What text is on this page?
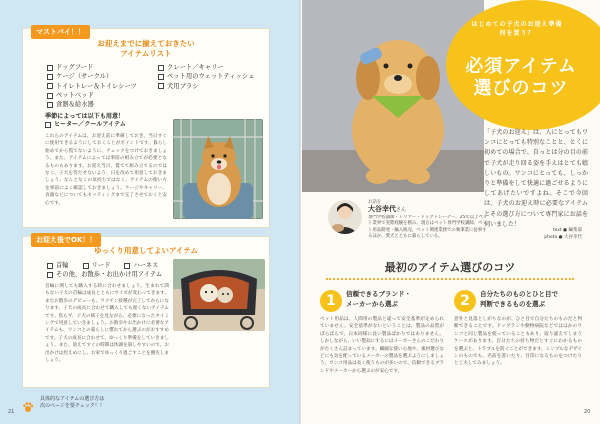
マストバイ！！
お迎えまでに揃えておきたい
アイテムリスト
ドッグフード
ケージ（サークル）
トイレトレー＆トイレシーツ
ペットベッド
食器＆給水器
クレート／キャリー
ペット用のウェットティッシュ
犬用ブラシ
季節によっては以下も用意！
ヒーター／クールアイテム
これらのアイテムは、お迎え前に準備しておき、当日すぐに使用できるようにしておくことがポイントです。暮らし始めてから慌てないように、チェックをつけておきましょう。また、アイテムによっては事前の組み立てが必要となるものもあります。お迎え当日、慌てて組み立てるのではなく、子犬を待たせないよう、日を改めて用意しておきましょう。なんとなくの気持ちではなく、アイテムの使い方を事前によく確認しておきましょう。ケージやキャリー、食器などについてもセッティングまで完了させておくと安心です。
お迎え後でOK！！
ゆっくり用意してよいアイテム
首輪	リード	ハーネス
その他、お散歩・お出かけ用アイテム
首輪に関しても購入する時に合わせましょう。生まれて間もない子犬の首輪は成長とともにサイズが変わってきます。またお散歩のデビューも、ワクチン接種が完了してからになります。子犬の成長に合わせて購入しても遅くないアイテムです。焦らず、子犬の様子を見ながら、必要になったタイミングで用意していきましょう。お散歩やお出かけに必要なアイテムも、ワンコとの暮らしに慣れてから選ぶのがおすすめです。子犬の成長に合わせて、ゆっくり準備をしていきましょう。また、迎えてすぐの時期は体調を崩しやすいので、お出かけは控えめにし、お家でゆっくり過ごすことを優先しましょう。
具体的なアイテムの選び方は
次のページを要チェック！！
21
はじめての子犬のお迎え準備
何を買う？
必須アイテム
選びのコツ
「子犬のお迎え」は、人にとってもワンコにとっても特別なことと、とくに初めての場合で、自っとは分の目の前で子犬が走り回る姿を手えはとても嬉しいもの。ワンコにとっても、しっかりと準備をして快適に過ごせるようにしてあげたいですよね。そこで今回は、子犬のお迎え時に必要なアイテムとその選び方について専門家にお話を伺いました！
text ● 編集部
photo ● 大谷幸代
お話を
大谷幸代さん
専門学校講師・トリマー・ドッグトレーナー。25年以上ペット業界で実際経験を積み、現在はペット専門学校講師、ペット用品開発・輸入販売、ペット関連業務での執筆業に従事するほか、愛犬とともに暮らしている。
最初のアイテム選びのコツ
1	信頼できるブランド・
メーカーから選ぶ
ペット用品は、人間用の製品と違って安全基準が定められていません。安全基準がないということは、製品の品質がばらばらで、日本同様に良い製品ばかりではありません。しかしながら、いい製品にするにはメーカーさんのこだわりがたくさん詰まっています。繊細な使い心地や、素材選びなどにも気を配っているメーカーの製品を選ぶようにしましょう。ワンコ用品は長く使うものが多いので、信頼できるブランドやメーカーから選ぶのが安心です。
2	自分たちのものとひと目で
判断できるものを選ぶ
意外と見落としがちなのが、ひと目で自分たちのものだと判断できることです。ドッグランや動物病院などではほかのワンコと同じ製品を使っていることもあり、取り違えてしまうケースがあります。自分たちの持ち物だとすぐにわかるものを選ぶと、トラブルを防ぐことができます。シンプルなデザインのものでも、名前を書いたり、目印になるものをつけたりと工夫してみましょう。
20
